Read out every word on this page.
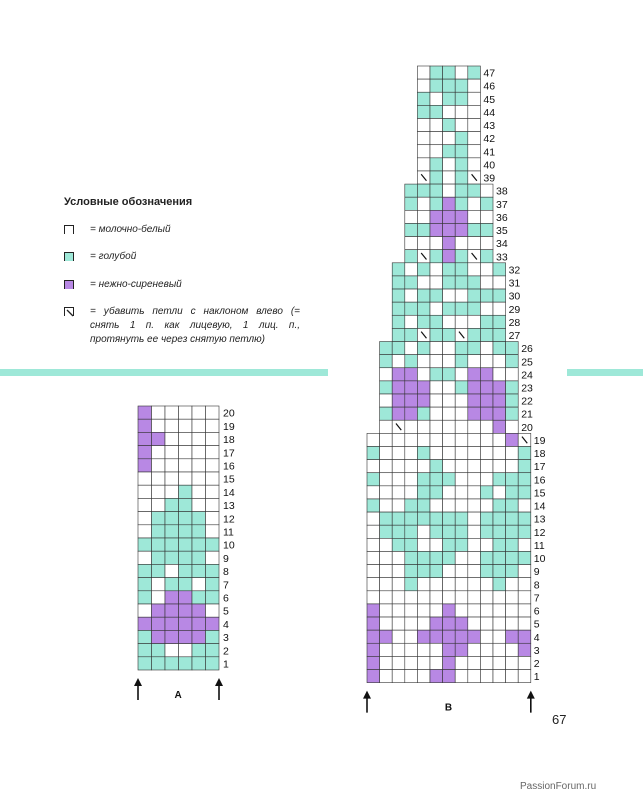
Условные обозначения
= молочно-белый
= голубой
= нежно-сиреневый
= убавить петли с наклоном влево (= снять 1 п. как лицевую, 1 лиц. п., протянуть ее через снятую петлю)
20
19
18
17
16
15
14
13
12
11
10
9
8
7
6
5
4
3
2
1
A
47
46
45
44
43
42
41
40
39
38
37
36
35
34
33
32
31
30
29
28
27
26
25
24
23
22
21
20
19
18
17
16
15
14
13
12
11
10
9
8
7
6
5
4
3
2
1
B
67
PassionForum.ru
